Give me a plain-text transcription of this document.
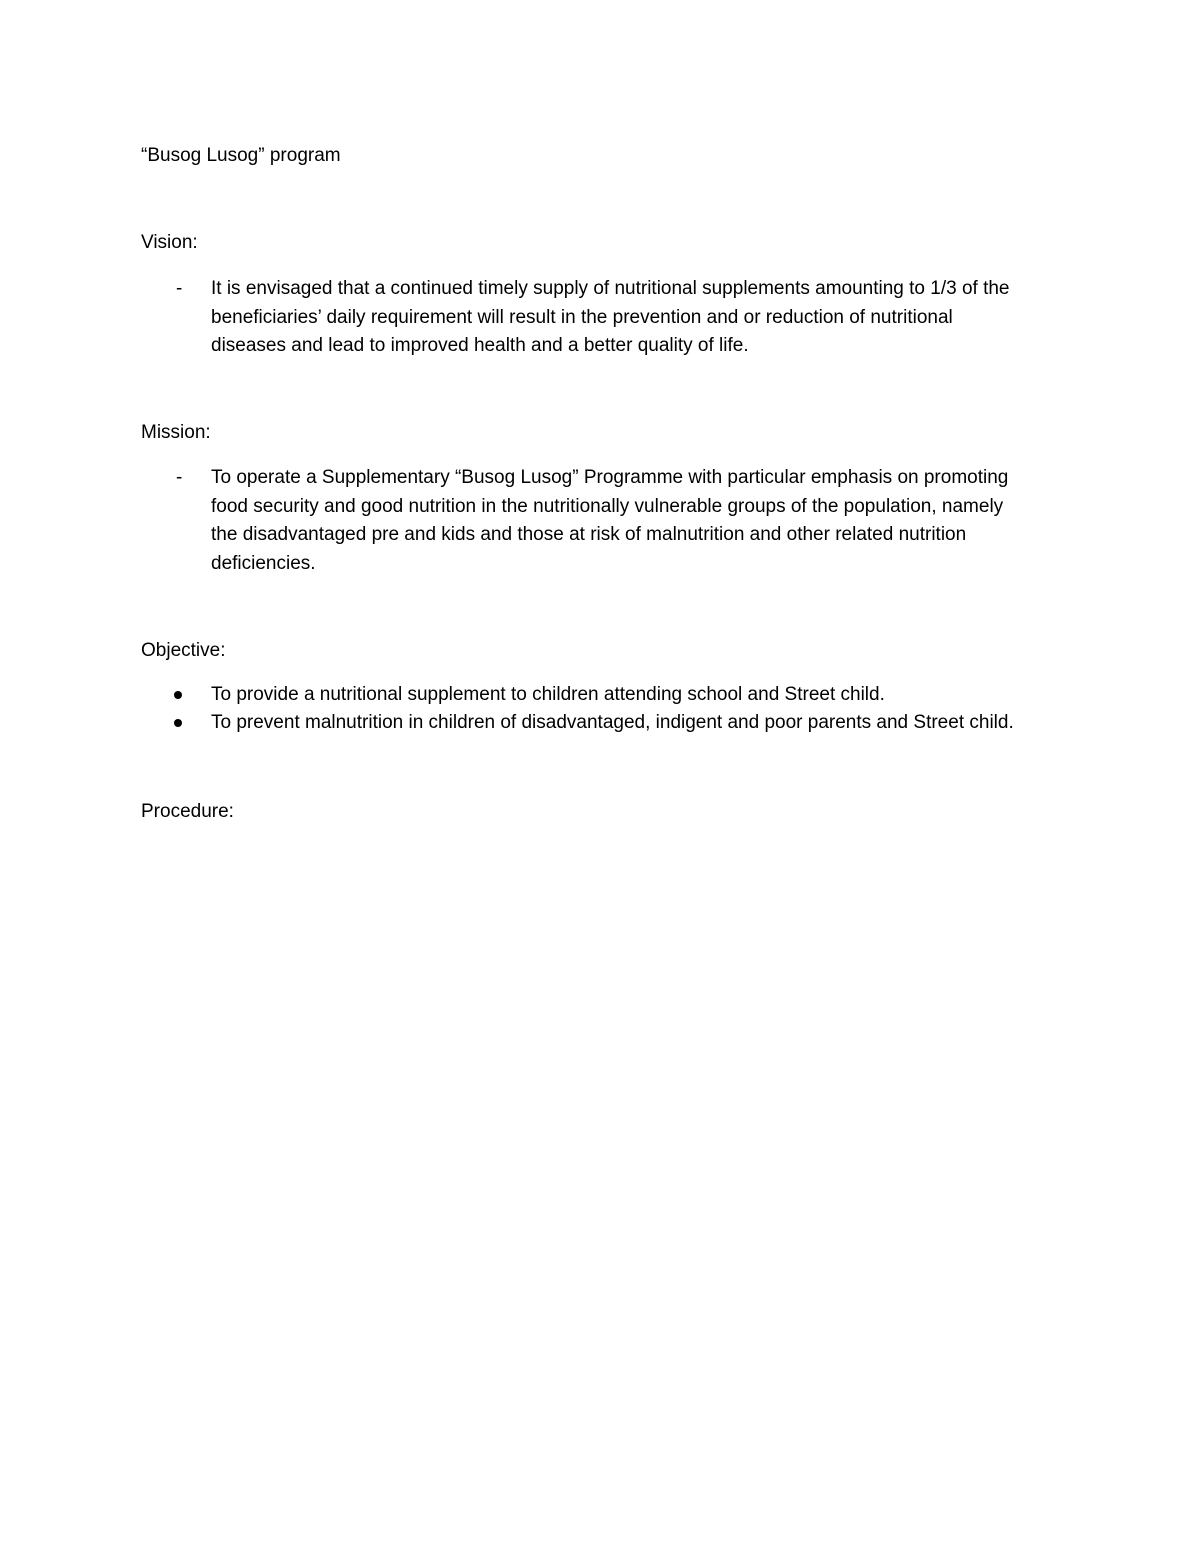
“Busog Lusog” program
Vision:
-	It is envisaged that a continued timely supply of nutritional supplements amounting to 1/3 of the
beneficiaries’ daily requirement will result in the prevention and or reduction of nutritional
diseases and lead to improved health and a better quality of life.
Mission:
-	To operate a Supplementary “Busog Lusog” Programme with particular emphasis on promoting
food security and good nutrition in the nutritionally vulnerable groups of the population, namely
the disadvantaged pre and kids and those at risk of malnutrition and other related nutrition
deficiencies.
Objective:
To provide a nutritional supplement to children attending school and Street child.
To prevent malnutrition in children of disadvantaged, indigent and poor parents and Street child.
Procedure:
